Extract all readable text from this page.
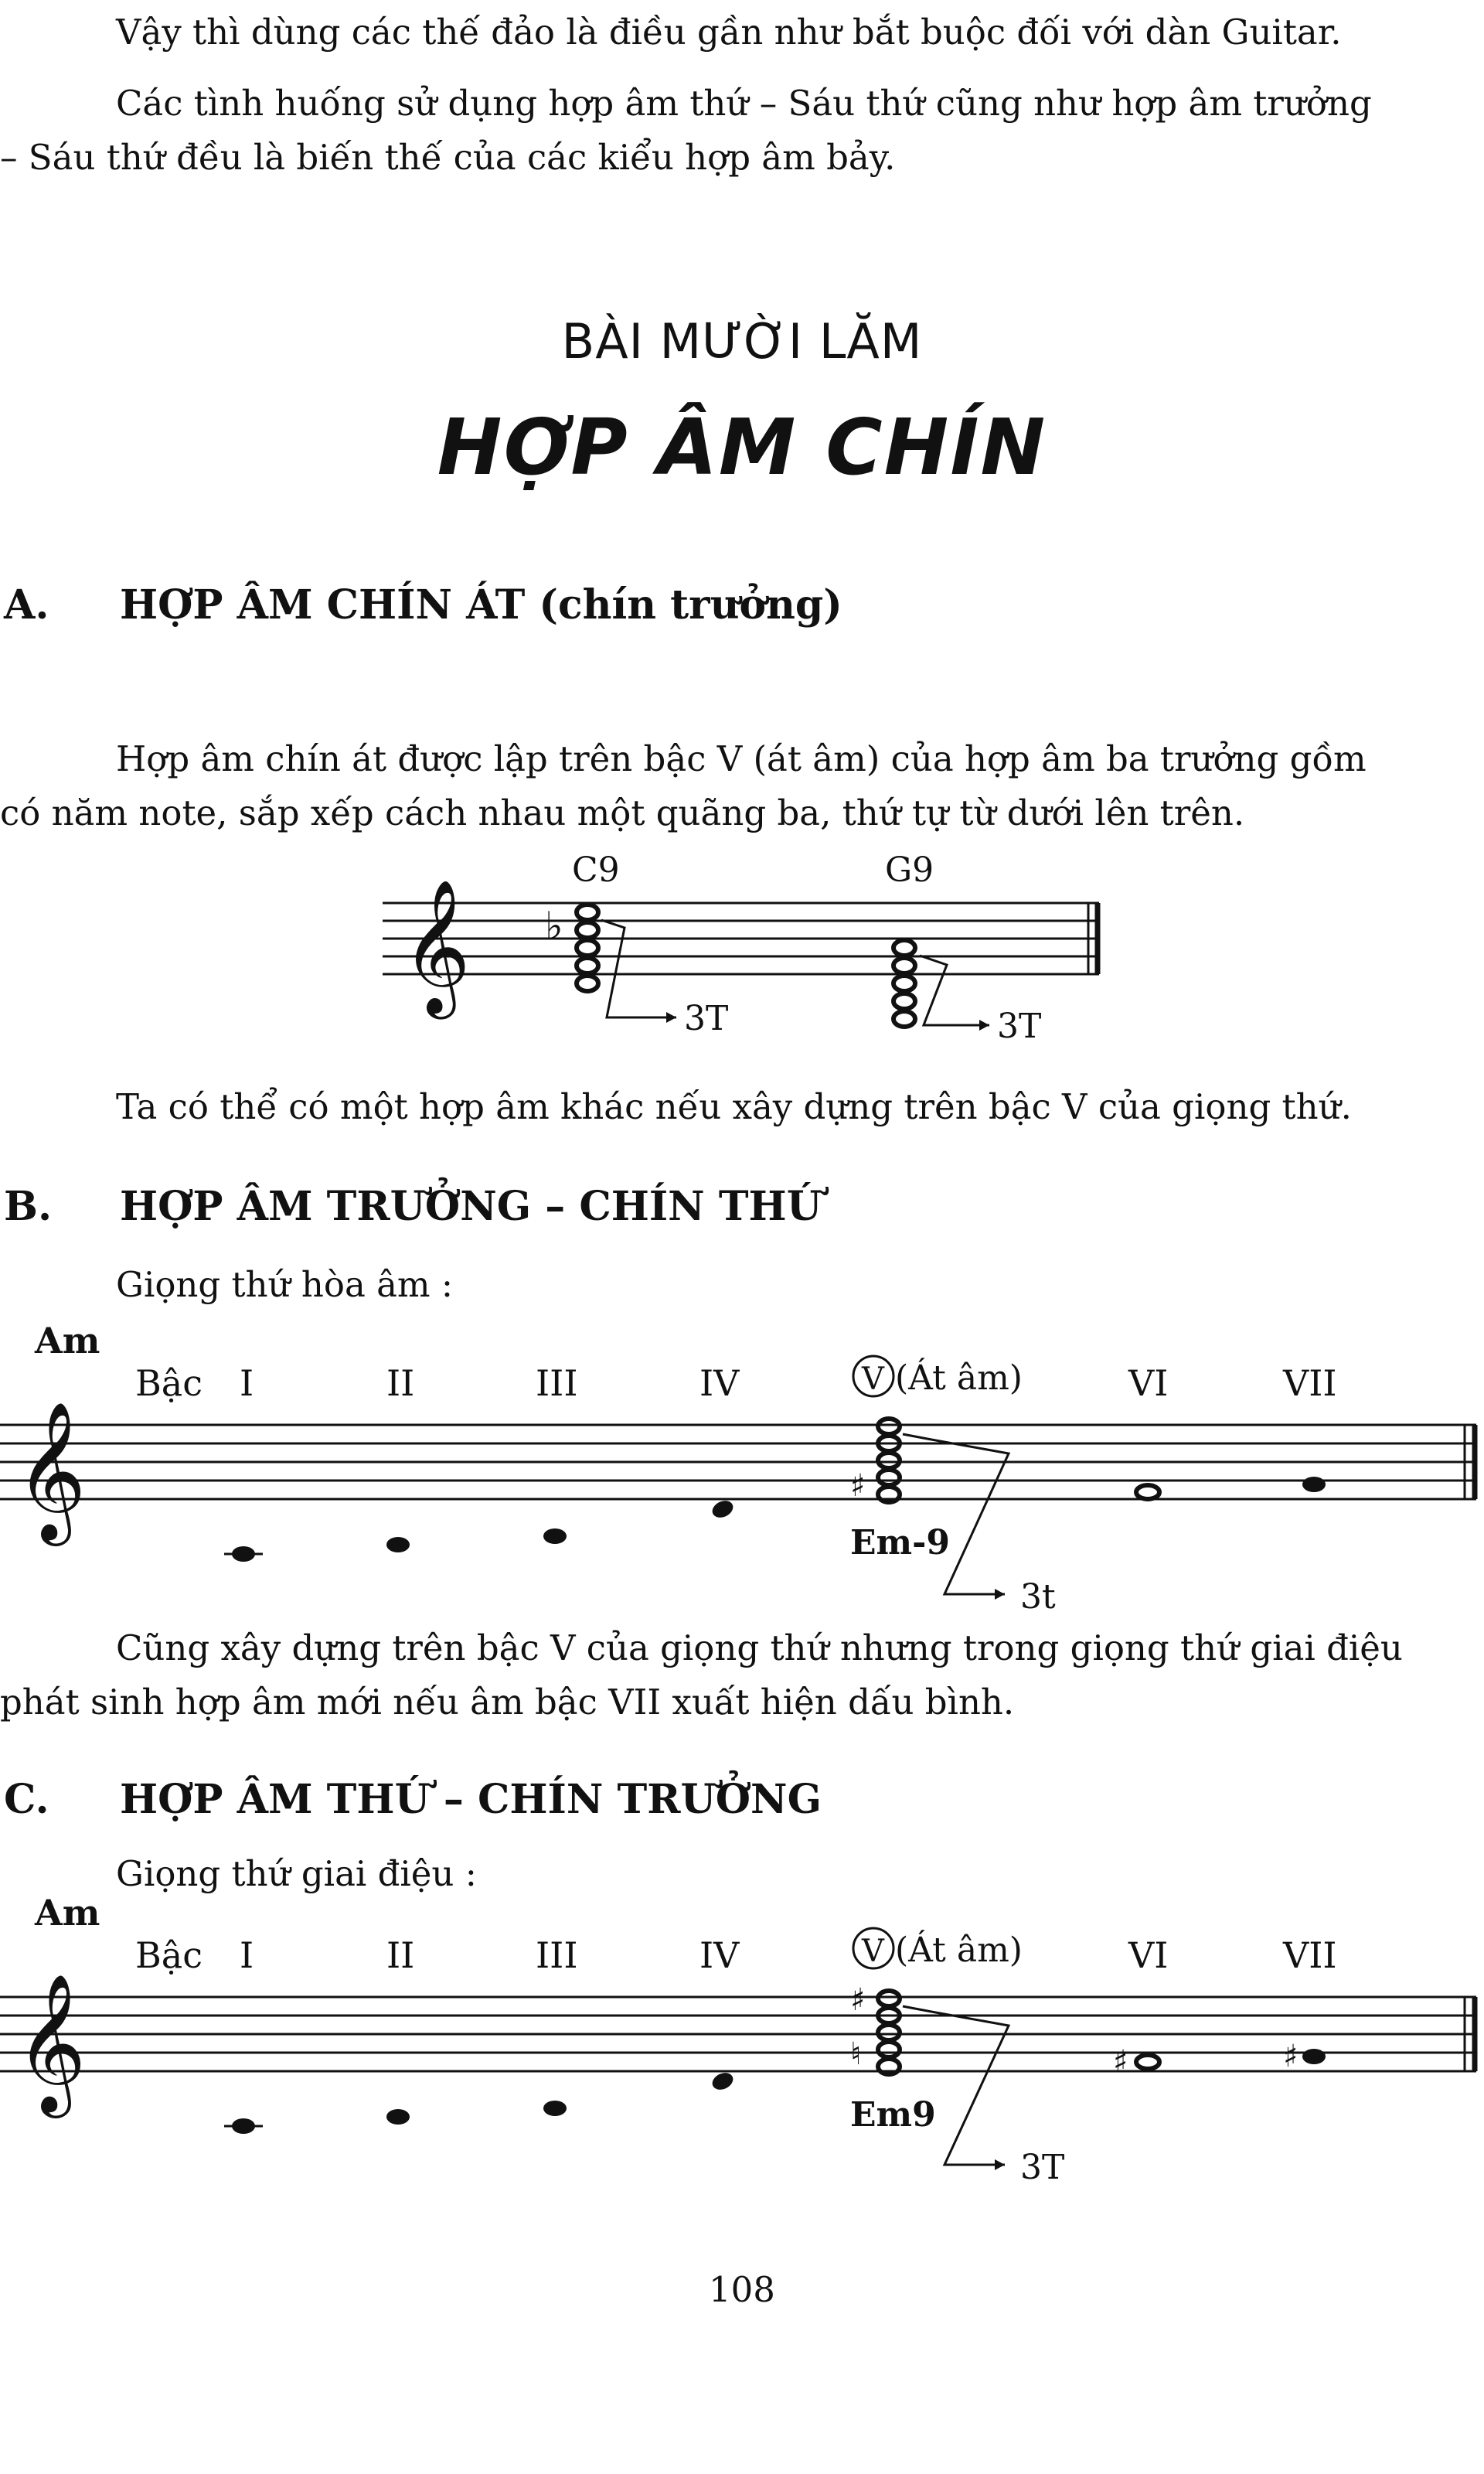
Vậy thì dùng các thế đảo là điều gần như bắt buộc đối với dàn Guitar.

Các tình huống sử dụng hợp âm thứ – Sáu thứ cũng như hợp âm trưởng

– Sáu thứ đều là biến thế của các kiểu hợp âm bảy.

BÀI MƯỜI LĂM
HỢP ÂM CHÍN
A. HỢP ÂM CHÍN ÁT (chín trưởng)

Hợp âm chín át được lập trên bậc V (át âm) của hợp âm ba trưởng gồm

có năm note, sắp xếp cách nhau một quãng ba, thứ tự từ dưới lên trên.

𝄞
C9
♭
3T
G9
3T

Ta có thể có một hợp âm khác nếu xây dựng trên bậc V của giọng thứ.

B. HỢP ÂM TRƯỞNG – CHÍN THỨ

Giọng thứ hòa âm :

Am
Bậc I	II	III	IV	V (Át âm)	VI	VII
𝄞	♯
3t
Em-9

Cũng xây dựng trên bậc V của giọng thứ nhưng trong giọng thứ giai điệu

phát sinh hợp âm mới nếu âm bậc VII xuất hiện dấu bình.

C. HỢP ÂM THỨ – CHÍN TRƯỞNG

Giọng thứ giai điệu :

Am
Bậc I	II	III	IV	V (Át âm)	VI	VII
𝄞	♯
♮
3T
Em9
♯	♯
108
